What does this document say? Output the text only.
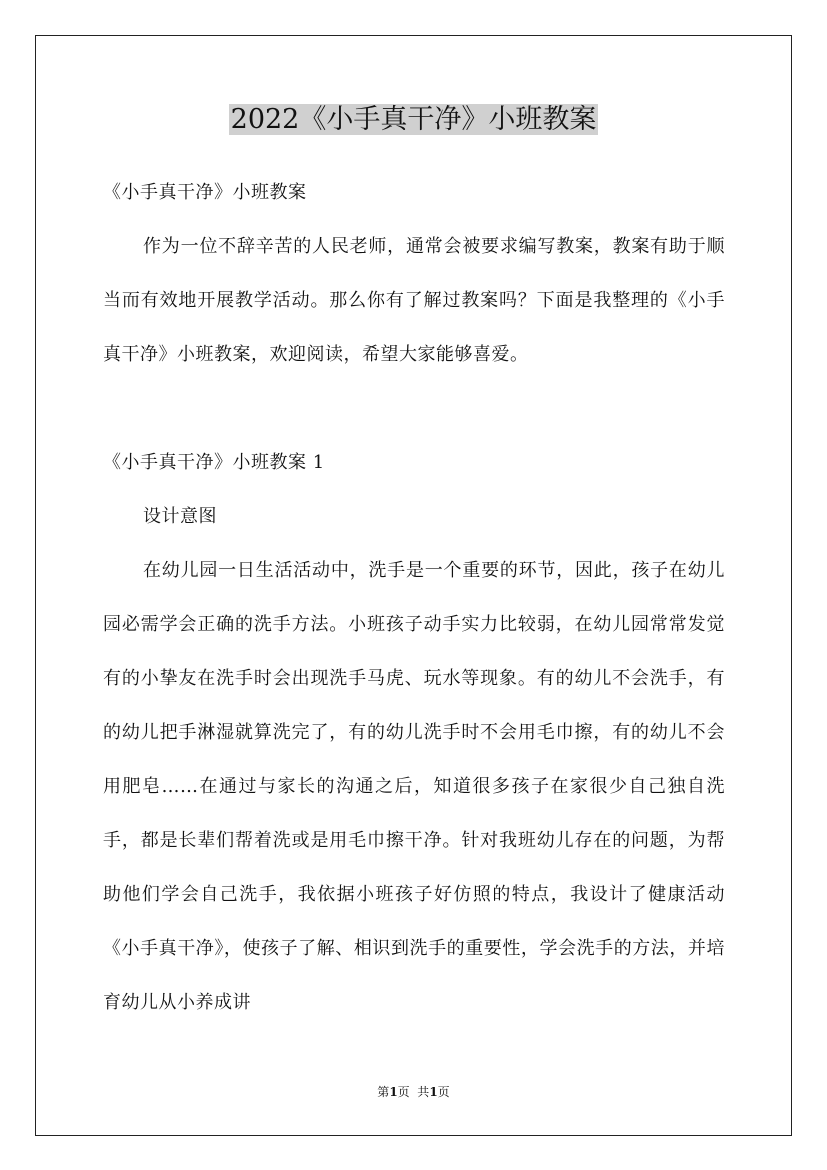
2022《小手真干净》小班教案

《小手真干净》小班教案

作为一位不辞辛苦的人民老师，通常会被要求编写教案，教案有助于顺当而有效地开展教学活动。那么你有了解过教案吗？下面是我整理的《小手真干净》小班教案，欢迎阅读，希望大家能够喜爱。

《小手真干净》小班教案 1

设计意图

在幼儿园一日生活活动中，洗手是一个重要的环节，因此，孩子在幼儿园必需学会正确的洗手方法。小班孩子动手实力比较弱，在幼儿园常常发觉有的小挚友在洗手时会出现洗手马虎、玩水等现象。有的幼儿不会洗手，有的幼儿把手淋湿就算洗完了，有的幼儿洗手时不会用毛巾擦，有的幼儿不会用肥皂……在通过与家长的沟通之后，知道很多孩子在家很少自己独自洗手，都是长辈们帮着洗或是用毛巾擦干净。针对我班幼儿存在的问题，为帮助他们学会自己洗手，我依据小班孩子好仿照的特点，我设计了健康活动《小手真干净》，使孩子了解、相识到洗手的重要性，学会洗手的方法，并培育幼儿从小养成讲

第1页  共1页
